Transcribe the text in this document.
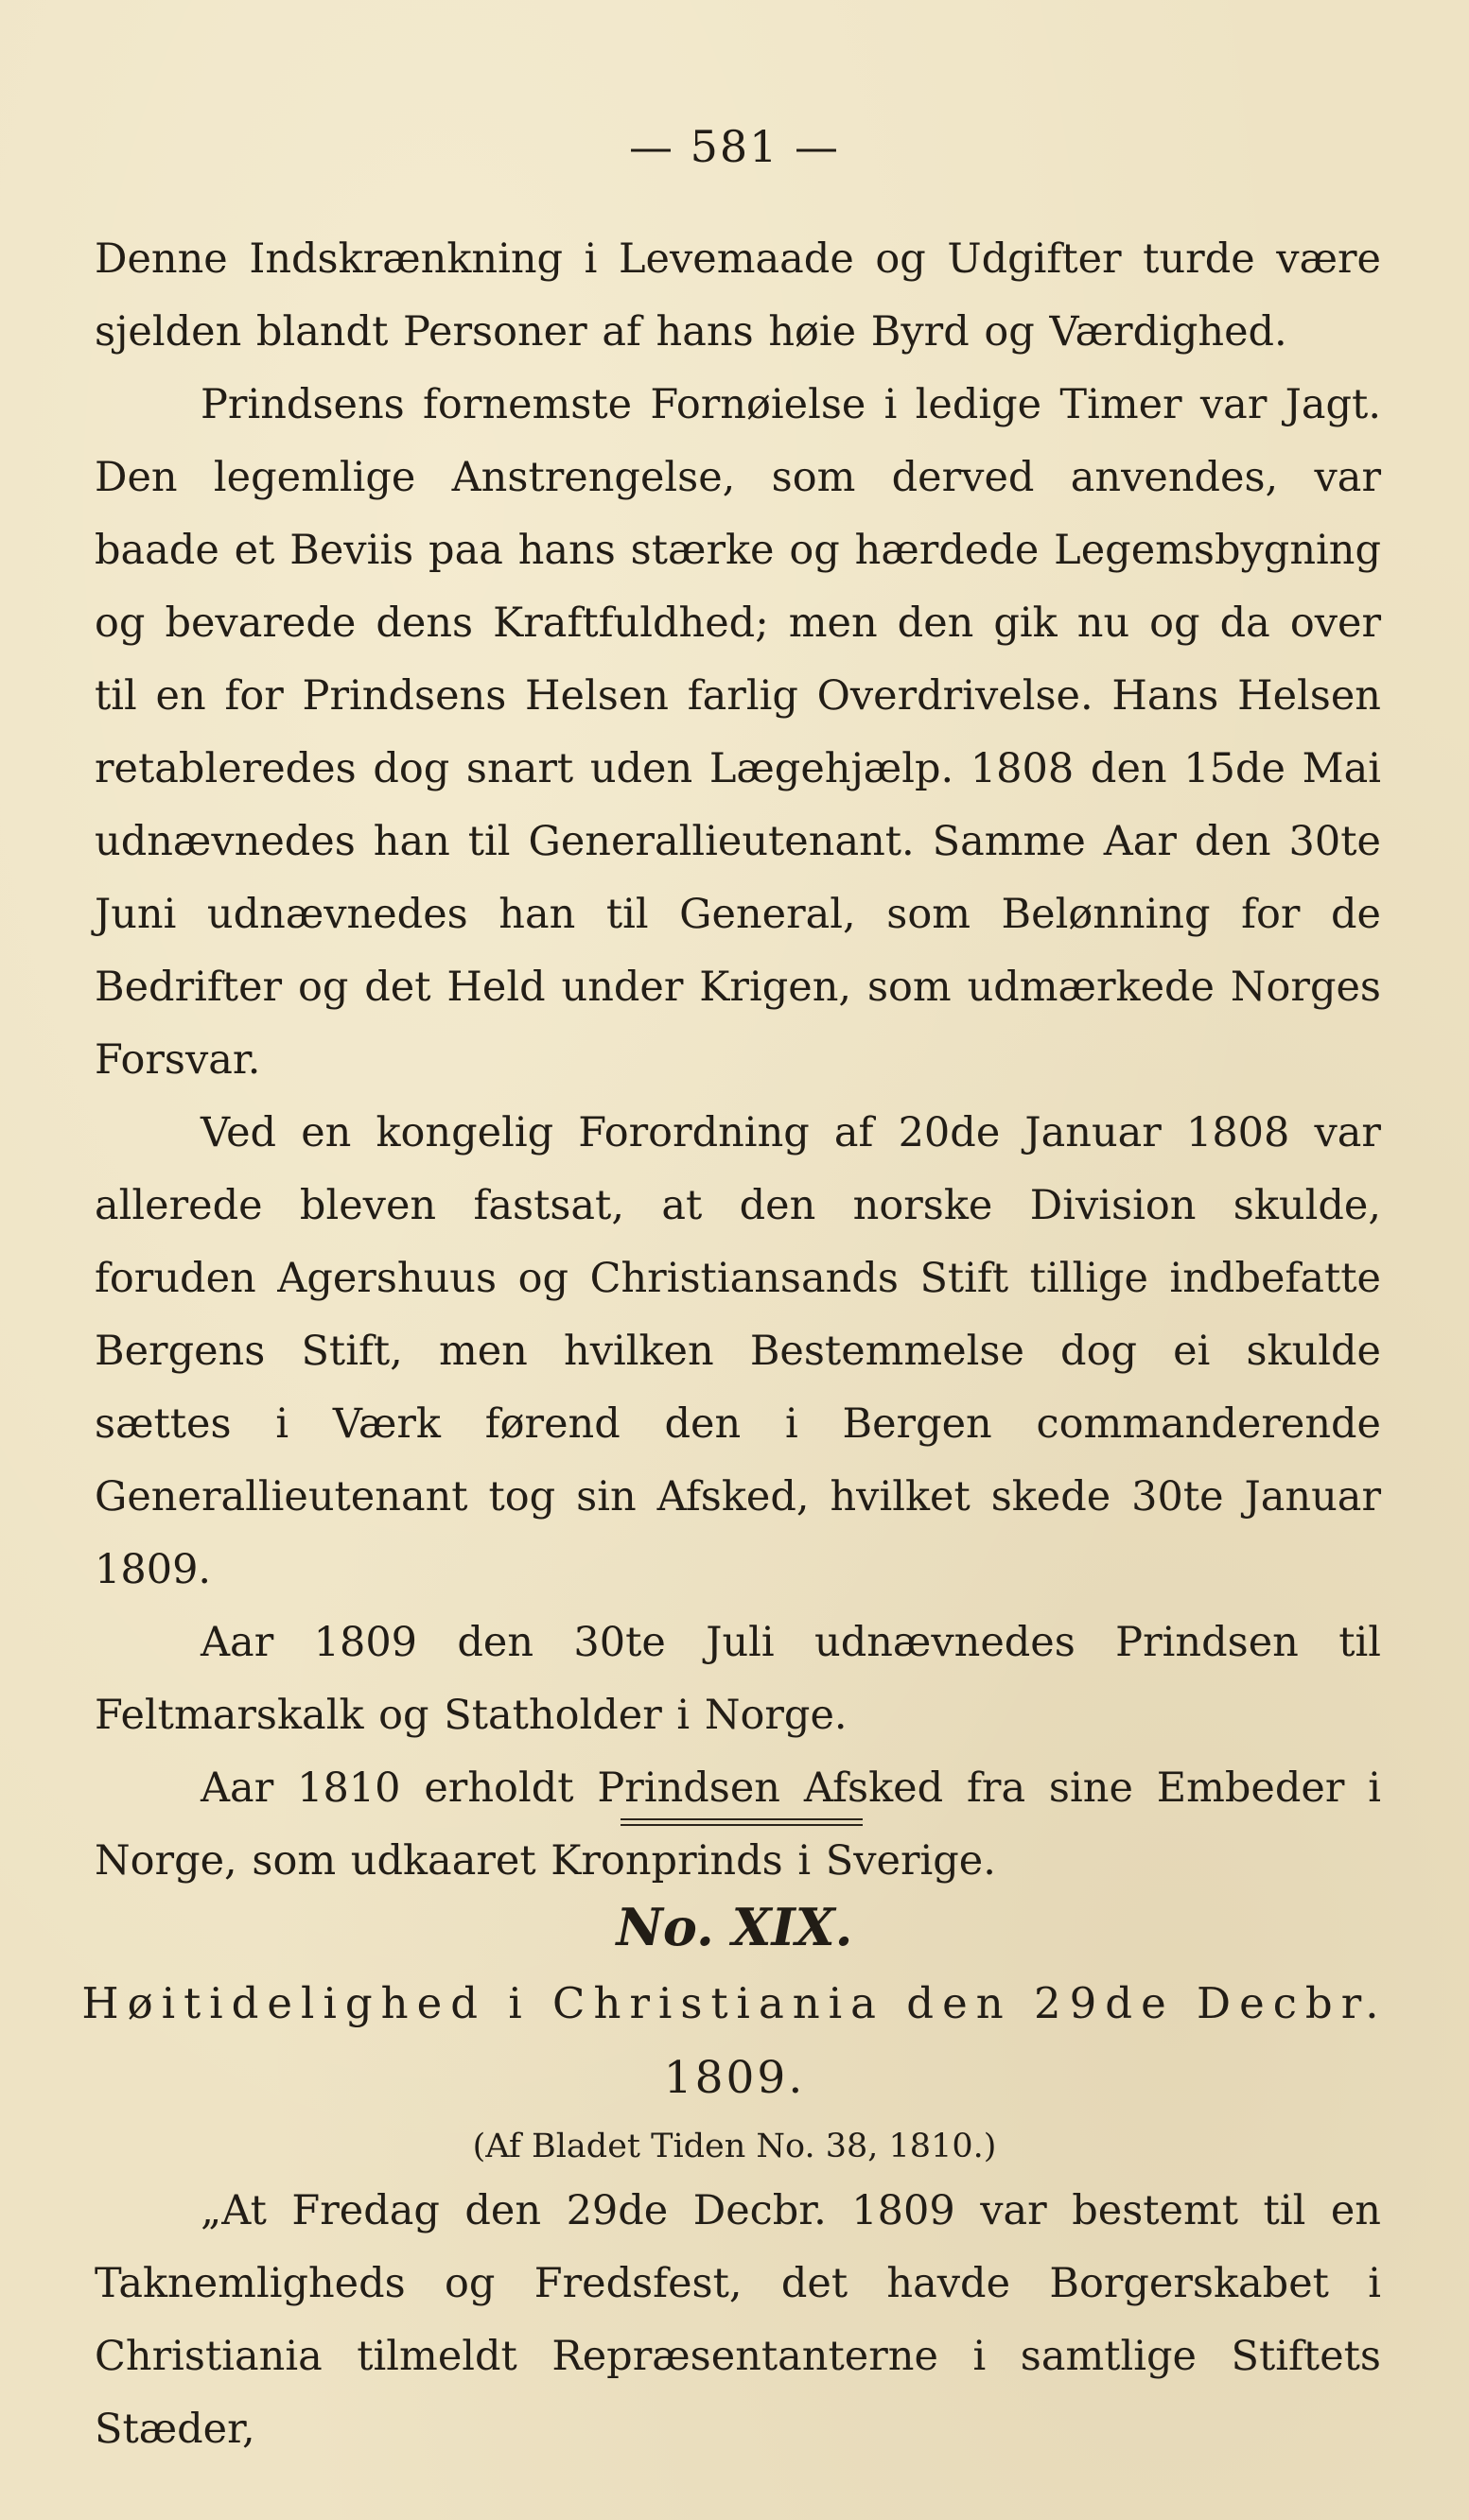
— 581 —

Denne Indskrænkning i Levemaade og Udgifter turde være sjelden blandt Personer af hans høie Byrd og Værdighed.

Prindsens fornemste Fornøielse i ledige Timer var Jagt. Den legemlige Anstrengelse, som derved anvendes, var baade et Beviis paa hans stærke og hærdede Legemsbygning og bevarede dens Kraftfuldhed; men den gik nu og da over til en for Prindsens Helsen farlig Overdrivelse. Hans Helsen retableredes dog snart uden Lægehjælp. 1808 den 15de Mai udnævnedes han til Generallieutenant. Samme Aar den 30te Juni udnævnedes han til General, som Belønning for de Bedrifter og det Held under Krigen, som udmærkede Norges Forsvar.

Ved en kongelig Forordning af 20de Januar 1808 var allerede bleven fastsat, at den norske Division skulde, foruden Agershuus og Christiansands Stift tillige indbefatte Bergens Stift, men hvilken Bestemmelse dog ei skulde sættes i Værk førend den i Bergen commanderende Generallieutenant tog sin Afsked, hvilket skede 30te Januar 1809.

Aar 1809 den 30te Juli udnævnedes Prindsen til Feltmarskalk og Statholder i Norge.

Aar 1810 erholdt Prindsen Afsked fra sine Embeder i Norge, som udkaaret Kronprinds i Sverige.

No. XIX.
Høitidelighed i Christiania den 29de Decbr.
1809.
(Af Bladet Tiden No. 38, 1810.)

„At Fredag den 29de Decbr. 1809 var bestemt til en Taknemligheds og Fredsfest, det havde Borgerskabet i Christiania tilmeldt Repræsentanterne i samtlige Stiftets Stæder,
